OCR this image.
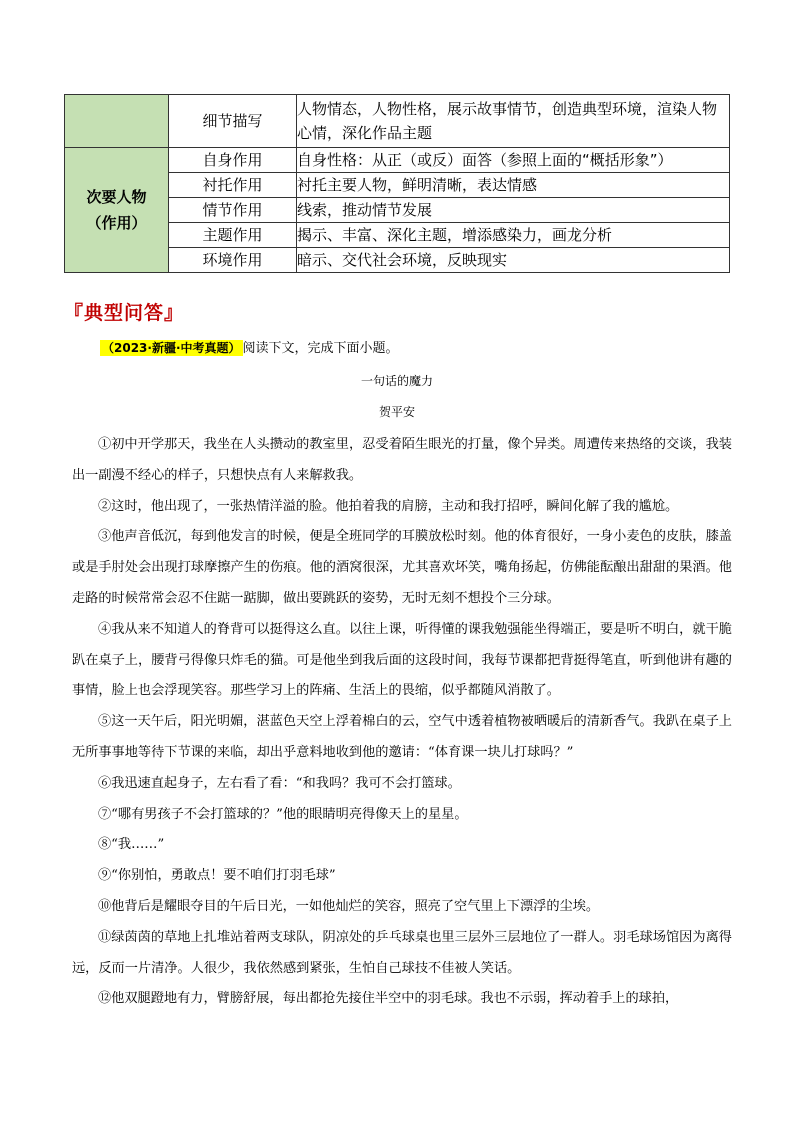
	细节描写	人物情态，人物性格，展示故事情节，创造典型环境，渲染人物心情，深化作品主题

次要人物
（作用）	自身作用	自身性格：从正（或反）面答（参照上面的“概括形象”）
	衬托作用	衬托主要人物，鲜明清晰，表达情感
	情节作用	线索，推动情节发展
	主题作用	揭示、丰富、深化主题，增添感染力，画龙分析
	环境作用	暗示、交代社会环境，反映现实
『典型问答』
（2023·新疆·中考真题） 阅读下文，完成下面小题。
一句话的魔力
贺平安

①初中开学那天，我坐在人头攒动的教室里，忍受着陌生眼光的打量，像个异类。周遭传来热络的交谈，我装出一副漫不经心的样子，只想快点有人来解救我。

②这时，他出现了，一张热情洋溢的脸。他拍着我的肩膀，主动和我打招呼，瞬间化解了我的尴尬。

③他声音低沉，每到他发言的时候，便是全班同学的耳膜放松时刻。他的体育很好，一身小麦色的皮肤，膝盖或是手肘处会出现打球摩擦产生的伤痕。他的酒窝很深，尤其喜欢坏笑，嘴角扬起，仿佛能酝酿出甜甜的果酒。他走路的时候常常会忍不住踮一踮脚，做出要跳跃的姿势，无时无刻不想投个三分球。

④我从来不知道人的脊背可以挺得这么直。以往上课，听得懂的课我勉强能坐得端正，要是听不明白，就干脆趴在桌子上，腰背弓得像只炸毛的猫。可是他坐到我后面的这段时间，我每节课都把背挺得笔直，听到他讲有趣的事情，脸上也会浮现笑容。那些学习上的阵痛、生活上的畏缩，似乎都随风消散了。

⑤这一天午后，阳光明媚，湛蓝色天空上浮着棉白的云，空气中透着植物被晒暖后的清新香气。我趴在桌子上无所事事地等待下节课的来临，却出乎意料地收到他的邀请：“体育课一块儿打球吗？”

⑥我迅速直起身子，左右看了看：“和我吗？我可不会打篮球。

⑦“哪有男孩子不会打篮球的？”他的眼睛明亮得像天上的星星。

⑧“我……”

⑨“你别怕，勇敢点！要不咱们打羽毛球”

⑩他背后是耀眼夺目的午后日光，一如他灿烂的笑容，照亮了空气里上下漂浮的尘埃。

⑪绿茵茵的草地上扎堆站着两支球队，阴凉处的乒乓球桌也里三层外三层地位了一群人。羽毛球场馆因为离得远，反而一片清净。人很少，我依然感到紧张，生怕自己球技不佳被人笑话。

⑫他双腿蹬地有力，臂膀舒展，每出都抢先接住半空中的羽毛球。我也不示弱，挥动着手上的球拍，
